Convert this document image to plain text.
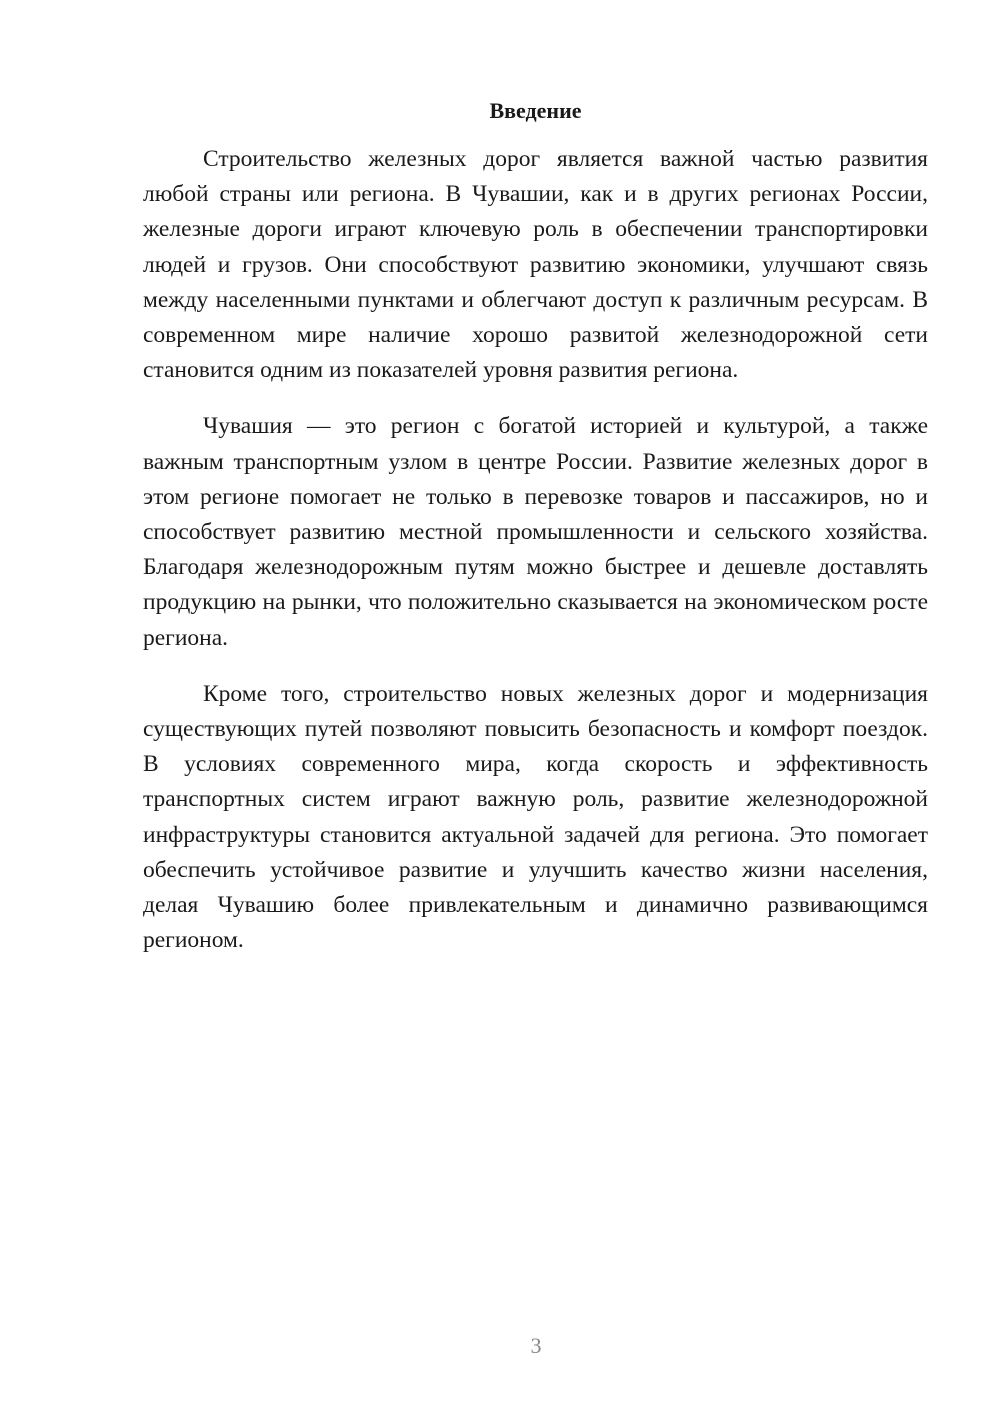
Введение

Строительство железных дорог является важной частью развития любой страны или региона. В Чувашии, как и в других регионах России, железные дороги играют ключевую роль в обеспечении транспортировки людей и грузов. Они способствуют развитию экономики, улучшают связь между населенными пунктами и облегчают доступ к различным ресурсам. В современном мире наличие хорошо развитой железнодорожной сети становится одним из показателей уровня развития региона.

Чувашия — это регион с богатой историей и культурой, а также важным транспортным узлом в центре России. Развитие железных дорог в этом регионе помогает не только в перевозке товаров и пассажиров, но и способствует развитию местной промышленности и сельского хозяйства. Благодаря железнодорожным путям можно быстрее и дешевле доставлять продукцию на рынки, что положительно сказывается на экономическом росте региона.

Кроме того, строительство новых железных дорог и модернизация существующих путей позволяют повысить безопасность и комфорт поездок. В условиях современного мира, когда скорость и эффективность транспортных систем играют важную роль, развитие железнодорожной инфраструктуры становится актуальной задачей для региона. Это помогает обеспечить устойчивое развитие и улучшить качество жизни населения, делая Чувашию более привлекательным и динамично развивающимся регионом.

3
